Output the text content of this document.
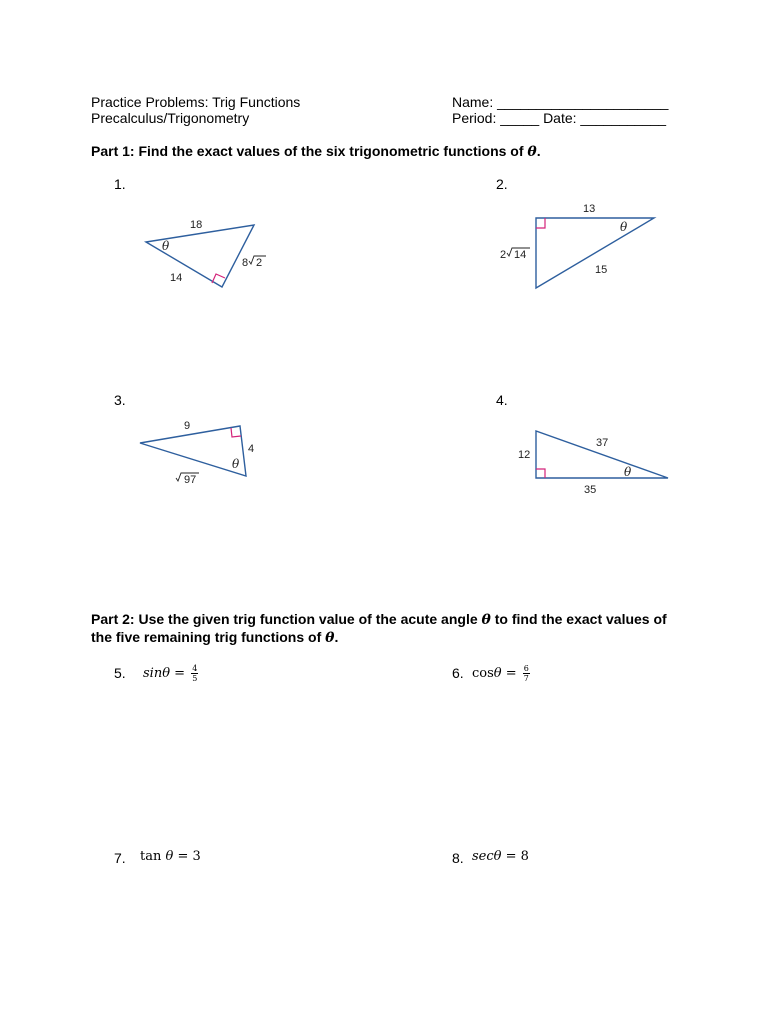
Practice Problems: Trig Functions
Precalculus/Trigonometry
Name: ______________________
Period: _____ Date: ___________
Part 1: Find the exact values of the six trigonometric functions of θ.
1.	2.
3.	4.
18
14
8 2
θ
13
2 14
15
θ
9
4
97
θ
12
37
35
θ
Part 2: Use the given trig function value of the acute angle θ to find the exact values of
the five remaining trig functions of θ.
5. $\sin\theta = \frac{4}{5}$	6. $\cos\theta = \frac{6}{7}$
7. tan θ = 3	8. secθ = 8
